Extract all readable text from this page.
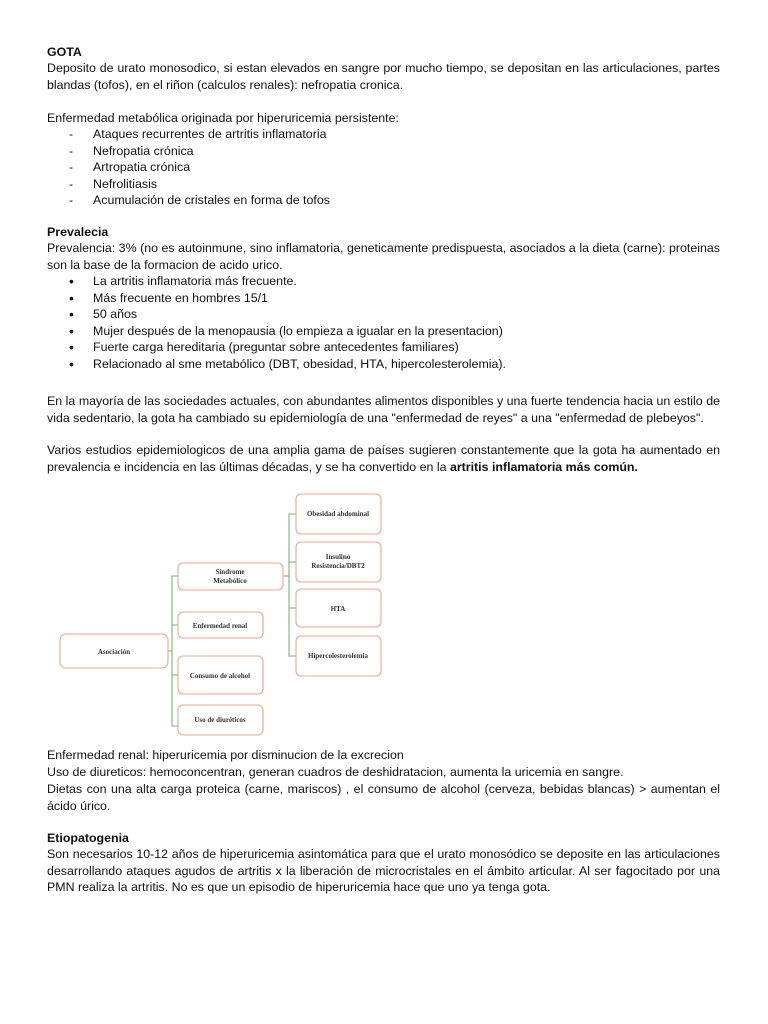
GOTA
Deposito de urato monosodico, si estan elevados en sangre por mucho tiempo, se depositan en las articulaciones, partes blandas (tofos), en el riñon (calculos renales): nefropatia cronica.
Enfermedad metabólica originada por hiperuricemia persistente:
- Ataques recurrentes de artritis inflamatoria
- Nefropatia crónica
- Artropatia crónica
- Nefrolitiasis
- Acumulación de cristales en forma de tofos
Prevalecia
Prevalencia: 3% (no es autoinmune, sino inflamatoria, geneticamente predispuesta, asociados a la dieta (carne): proteinas son la base de la formacion de acido urico.
• La artritis inflamatoria más frecuente.
• Más frecuente en hombres 15/1
• 50 años
• Mujer después de la menopausia (lo empieza a igualar en la presentacion)
• Fuerte carga hereditaria (preguntar sobre antecedentes familiares)
• Relacionado al sme metabólico (DBT, obesidad, HTA, hipercolesterolemia).
En la mayoría de las sociedades actuales, con abundantes alimentos disponibles y una fuerte tendencia hacia un estilo de vida sedentario, la gota ha cambiado su epidemiología de una "enfermedad de reyes" a una "enfermedad de plebeyos".
Varios estudios epidemiologicos de una amplia gama de países sugieren constantemente que la gota ha aumentado en prevalencia e incidencia en las últimas décadas, y se ha convertido en la artritis inflamatoria más común.
Asociación
Síndrome
Metabólico
Enfermedad renal
Consumo de alcohol
Uso de diuréticos
Obesidad abdominal
Insulino
Resistencia/DBT2
HTA
Hipercolesterolemia
Enfermedad renal: hiperuricemia por disminucion de la excrecion
Uso de diureticos: hemoconcentran, generan cuadros de deshidratacion, aumenta la uricemia en sangre.
Dietas con una alta carga proteica (carne, mariscos) , el consumo de alcohol (cerveza, bebidas blancas) > aumentan el ácido úrico.
Etiopatogenia
Son necesarios 10-12 años de hiperuricemia asintomática para que el urato monosódico se deposite en las articulaciones desarrollando ataques agudos de artritis x la liberación de microcristales en el ámbito articular. Al ser fagocitado por una PMN realiza la artritis. No es que un episodio de hiperuricemia hace que uno ya tenga gota.
